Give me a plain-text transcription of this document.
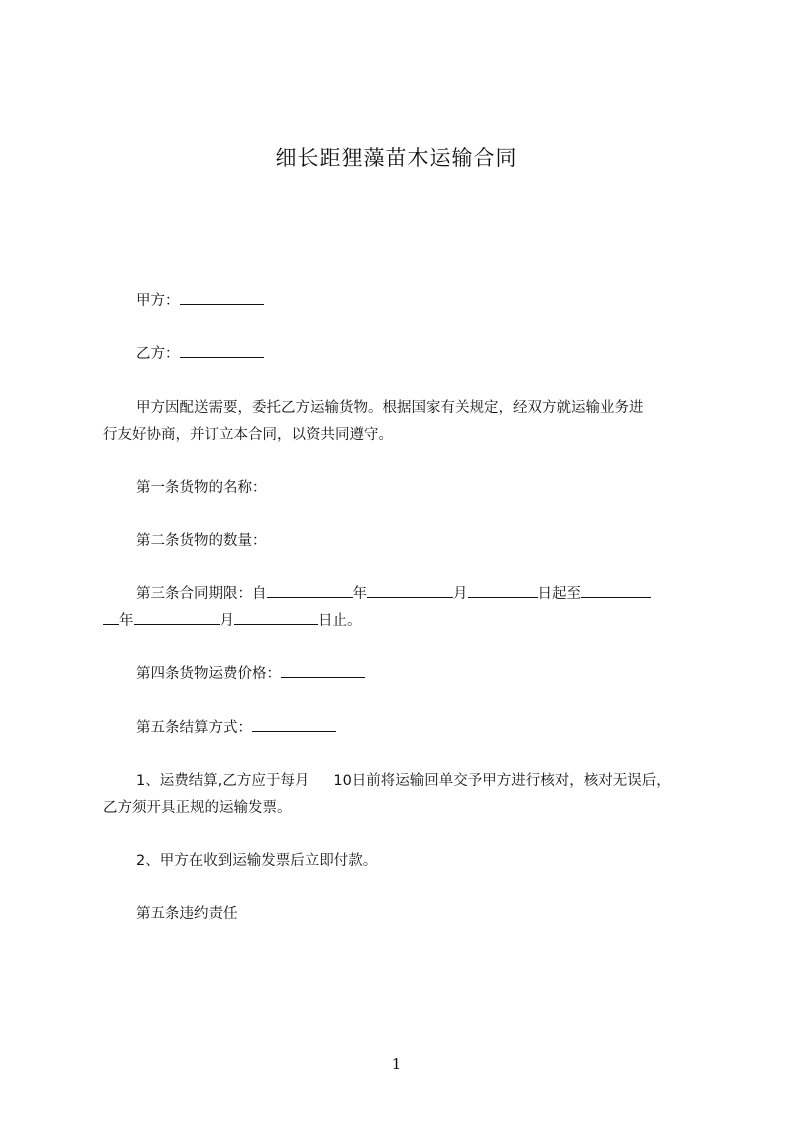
细长距狸藻苗木运输合同
甲方：
乙方：
甲方因配送需要，委托乙方运输货物。根据国家有关规定，经双方就运输业务进
行友好协商，并订立本合同，以资共同遵守。
第一条货物的名称：
第二条货物的数量：
第三条合同期限：自	年	月	日起至
年	月	日止。
第四条货物运费价格：
第五条结算方式：
1、运费结算,乙方应于每月 10日前将运输回单交予甲方进行核对，核对无误后，
乙方须开具正规的运输发票。
2、甲方在收到运输发票后立即付款。
第五条违约责任
1
